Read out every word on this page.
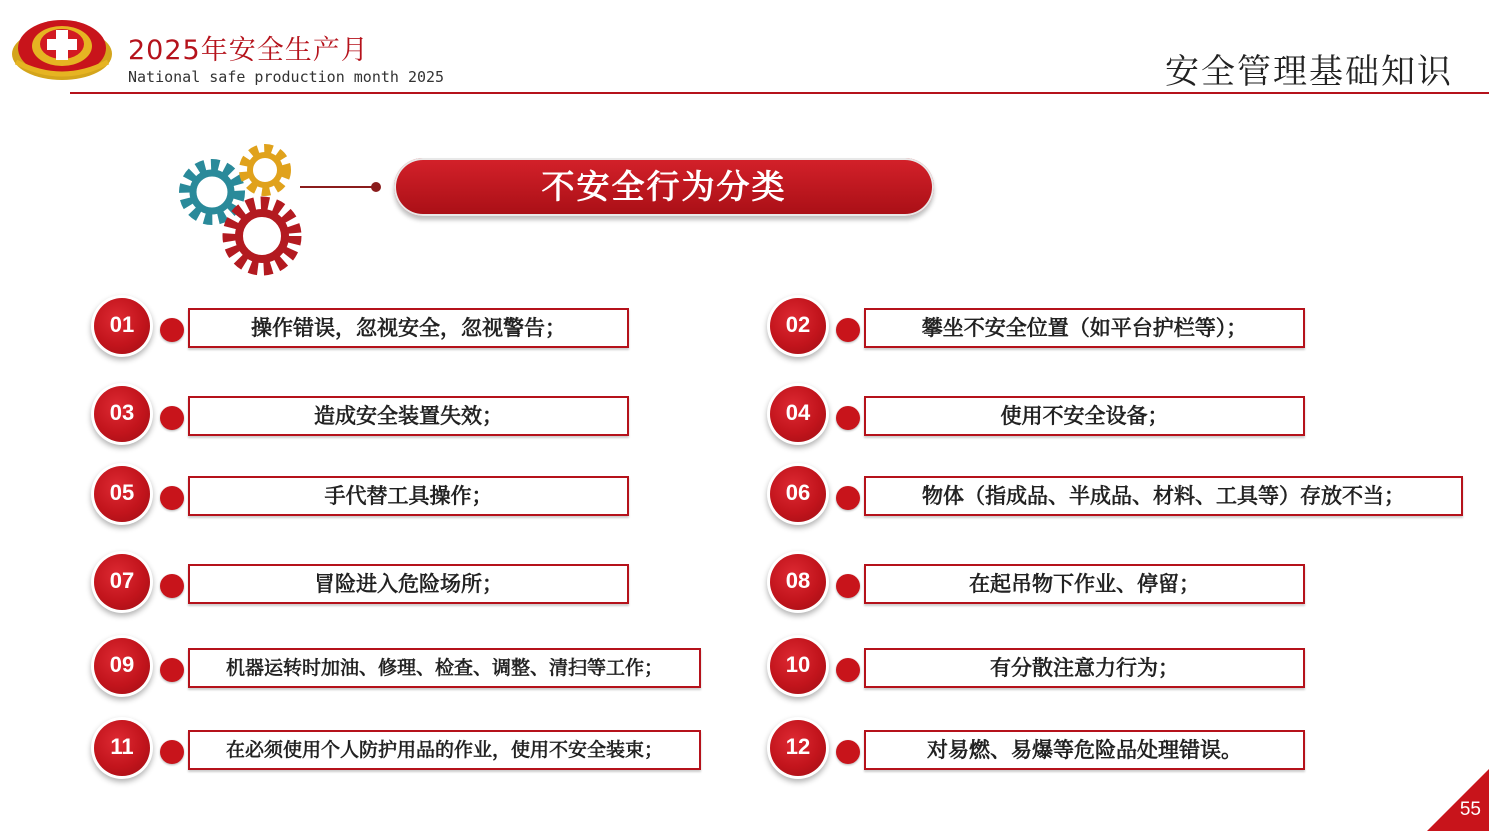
2025年安全生产月
National safe production month 2025	安全管理基础知识
不安全行为分类
01	操作错误，忽视安全，忽视警告；
03	造成安全装置失效；
05	手代替工具操作；
07	冒险进入危险场所；
09	机器运转时加油、修理、检查、调整、清扫等工作；
11	在必须使用个人防护用品的作业，使用不安全装束；
02	攀坐不安全位置（如平台护栏等）；
04	使用不安全设备；
06	物体（指成品、半成品、材料、工具等）存放不当；
08	在起吊物下作业、停留；
10	有分散注意力行为；
12	对易燃、易爆等危险品处理错误。
55
